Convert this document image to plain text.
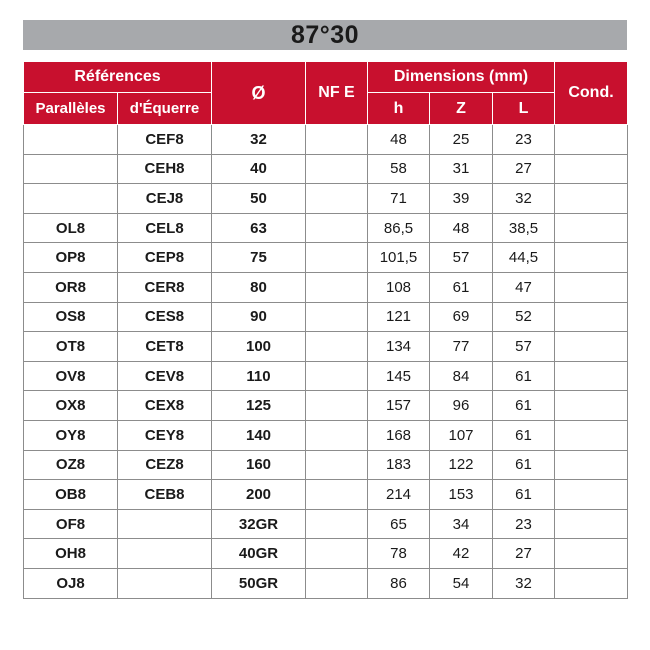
87°30
Références		Ø	NF E	Dimensions (mm)			Cond.
Parallèles	d'Équerre			h	Z	L	
	CEF8	32		48	25	23	
	CEH8	40		58	31	27	
	CEJ8	50		71	39	32	
OL8	CEL8	63		86,5	48	38,5	
OP8	CEP8	75		101,5	57	44,5	
OR8	CER8	80		108	61	47	
OS8	CES8	90		121	69	52	
OT8	CET8	100		134	77	57	
OV8	CEV8	110		145	84	61	
OX8	CEX8	125		157	96	61	
OY8	CEY8	140		168	107	61	
OZ8	CEZ8	160		183	122	61	
OB8	CEB8	200		214	153	61	
OF8		32GR		65	34	23	
OH8		40GR		78	42	27	
OJ8		50GR		86	54	32	
